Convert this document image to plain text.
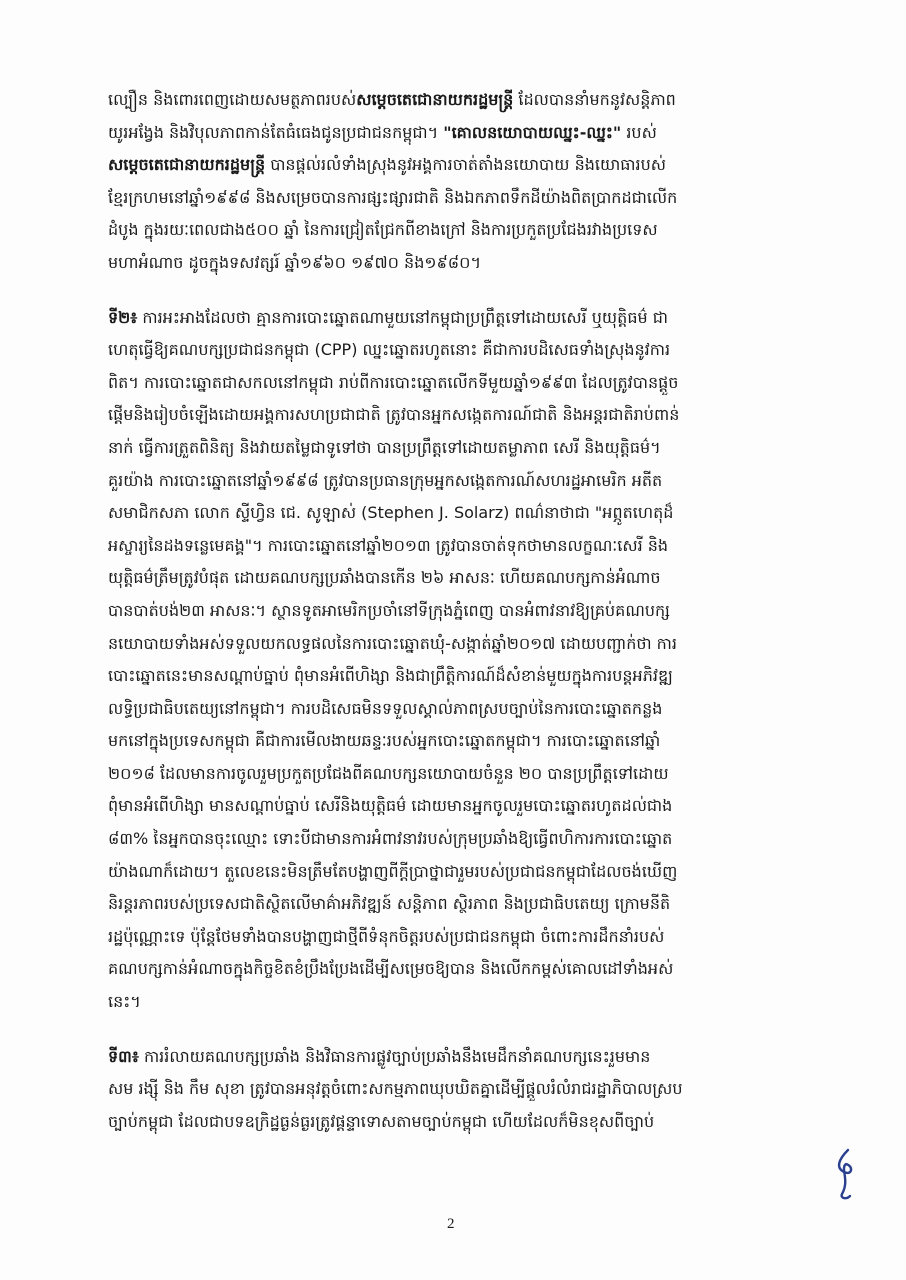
ល្បឿន និងពោរពេញដោយសមត្ថភាពរបស់សម្តេចតេជោនាយករដ្ឋមន្ត្រី ដែលបាននាំមកនូវសន្តិភាព
យូរអង្វែង និងវិបុលភាពកាន់តែធំធេងជូនប្រជាជនកម្ពុជា។ "គោលនយោបាយឈ្នះ-ឈ្នះ" របស់
សម្តេចតេជោនាយករដ្ឋមន្ត្រី បានផ្តល់រលំទាំងស្រុងនូវអង្គការចាត់តាំងនយោបាយ និងយោធារបស់
ខ្មែរក្រហមនៅឆ្នាំ១៩៩៨ និងសម្រេចបានការផ្សះផ្សារជាតិ និងឯកភាពទឹកដីយ៉ាងពិតប្រាកដជាលើក
ដំបូង ក្នុងរយៈពេលជាង៥០០ ឆ្នាំ នៃការជ្រៀតជ្រែកពីខាងក្រៅ និងការប្រកួតប្រជែងរវាងប្រទេស
មហាអំណាច ដូចក្នុងទសវត្សរ៍ ឆ្នាំ១៩៦០ ១៩៧០ និង១៩៨០។
ទី២៖ ការអះអាងដែលថា គ្មានការបោះឆ្នោតណាមួយនៅកម្ពុជាប្រព្រឹត្តទៅដោយសេរី ឬយុត្តិធម៌ ជា
ហេតុធ្វើឱ្យគណបក្សប្រជាជនកម្ពុជា (CPP) ឈ្នះឆ្នោតរហូតនោះ គឺជាការបដិសេធទាំងស្រុងនូវការ
ពិត។ ការបោះឆ្នោតជាសកលនៅកម្ពុជា រាប់ពីការបោះឆ្នោតលើកទីមួយឆ្នាំ១៩៩៣ ដែលត្រូវបានផ្តួច
ផ្តើមនិងរៀបចំឡើងដោយអង្គការសហប្រជាជាតិ ត្រូវបានអ្នកសង្កេតការណ៍ជាតិ និងអន្តរជាតិរាប់ពាន់
នាក់ ធ្វើការត្រួតពិនិត្យ និងវាយតម្លៃជាទូទៅថា បានប្រព្រឹត្តទៅដោយតម្លាភាព សេរី និងយុត្តិធម៌។
គួរយ៉ាង ការបោះឆ្នោតនៅឆ្នាំ១៩៩៨ ត្រូវបានប្រធានក្រុមអ្នកសង្កេតការណ៍សហរដ្ឋអាមេរិក អតីត
សមាជិកសភា លោក ស្ទីហ្វិន ជេ. សូឡាស់ (Stephen J. Solarz) ពណ៌នាថាជា "អព្ភូតហេតុដ៏
អស្ចារ្យនៃដងទន្លេមេគង្គ"។ ការបោះឆ្នោតនៅឆ្នាំ២០១៣ ត្រូវបានចាត់ទុកថាមានលក្ខណៈសេរី និង
យុត្តិធម៌ត្រឹមត្រូវបំផុត ដោយគណបក្សប្រឆាំងបានកើន ២៦ អាសនៈ ហើយគណបក្សកាន់អំណាច
បានបាត់បង់២៣ អាសនៈ។ ស្ថានទូតអាមេរិកប្រចាំនៅទីក្រុងភ្នំពេញ បានអំពាវនាវឱ្យគ្រប់គណបក្ស
នយោបាយទាំងអស់ទទួលយកលទ្ធផលនៃការបោះឆ្នោតឃុំ-សង្កាត់ឆ្នាំ២០១៧ ដោយបញ្ជាក់ថា ការ
បោះឆ្នោតនេះមានសណ្តាប់ធ្នាប់ ពុំមានអំពើហិង្សា និងជាព្រឹត្តិការណ៍ដ៏សំខាន់មួយក្នុងការបន្តអភិវឌ្ឍ
លទ្ធិប្រជាធិបតេយ្យនៅកម្ពុជា។ ការបដិសេធមិនទទួលស្គាល់ភាពស្របច្បាប់នៃការបោះឆ្នោតកន្លង
មកនៅក្នុងប្រទេសកម្ពុជា គឺជាការមើលងាយឆន្ទៈរបស់អ្នកបោះឆ្នោតកម្ពុជា។ ការបោះឆ្នោតនៅឆ្នាំ
២០១៨ ដែលមានការចូលរួមប្រកួតប្រជែងពីគណបក្សនយោបាយចំនួន ២០ បានប្រព្រឹត្តទៅដោយ
ពុំមានអំពើហិង្សា មានសណ្តាប់ធ្នាប់ សេរីនិងយុត្តិធម៌ ដោយមានអ្នកចូលរួមបោះឆ្នោតរហូតដល់ជាង
៨៣% នៃអ្នកបានចុះឈ្មោះ ទោះបីជាមានការអំពាវនាវរបស់ក្រុមប្រឆាំងឱ្យធ្វើពហិការការបោះឆ្នោត
យ៉ាងណាក៏ដោយ។ តួលេខនេះមិនត្រឹមតែបង្ហាញពីក្តីប្រាថ្នាជារួមរបស់ប្រជាជនកម្ពុជាដែលចង់ឃើញ
និរន្តរភាពរបស់ប្រទេសជាតិស្ថិតលើមាគ៌ាអភិវឌ្ឍន៍ សន្តិភាព ស្ថិរភាព និងប្រជាធិបតេយ្យ ក្រោមនីតិ
រដ្ឋប៉ុណ្ណោះទេ ប៉ុន្តែថែមទាំងបានបង្ហាញជាថ្មីពីទំនុកចិត្តរបស់ប្រជាជនកម្ពុជា ចំពោះការដឹកនាំរបស់
គណបក្សកាន់អំណាចក្នុងកិច្ចខិតខំប្រឹងប្រែងដើម្បីសម្រេចឱ្យបាន និងលើកកម្ពស់គោលដៅទាំងអស់
នេះ។
ទី៣៖ ការរំលាយគណបក្សប្រឆាំង និងវិធានការផ្លូវច្បាប់ប្រឆាំងនឹងមេដឹកនាំគណបក្សនេះរួមមាន
សម រង្ស៊ី និង កឹម សុខា ត្រូវបានអនុវត្តចំពោះសកម្មភាពឃុបឃិតគ្នាដើម្បីផ្តួលរំលំរាជរដ្ឋាភិបាលស្រប
ច្បាប់កម្ពុជា ដែលជាបទឧក្រិដ្ឋធ្ងន់ធ្ងរត្រូវផ្តន្ទាទោសតាមច្បាប់កម្ពុជា ហើយដែលក៏មិនខុសពីច្បាប់
2
